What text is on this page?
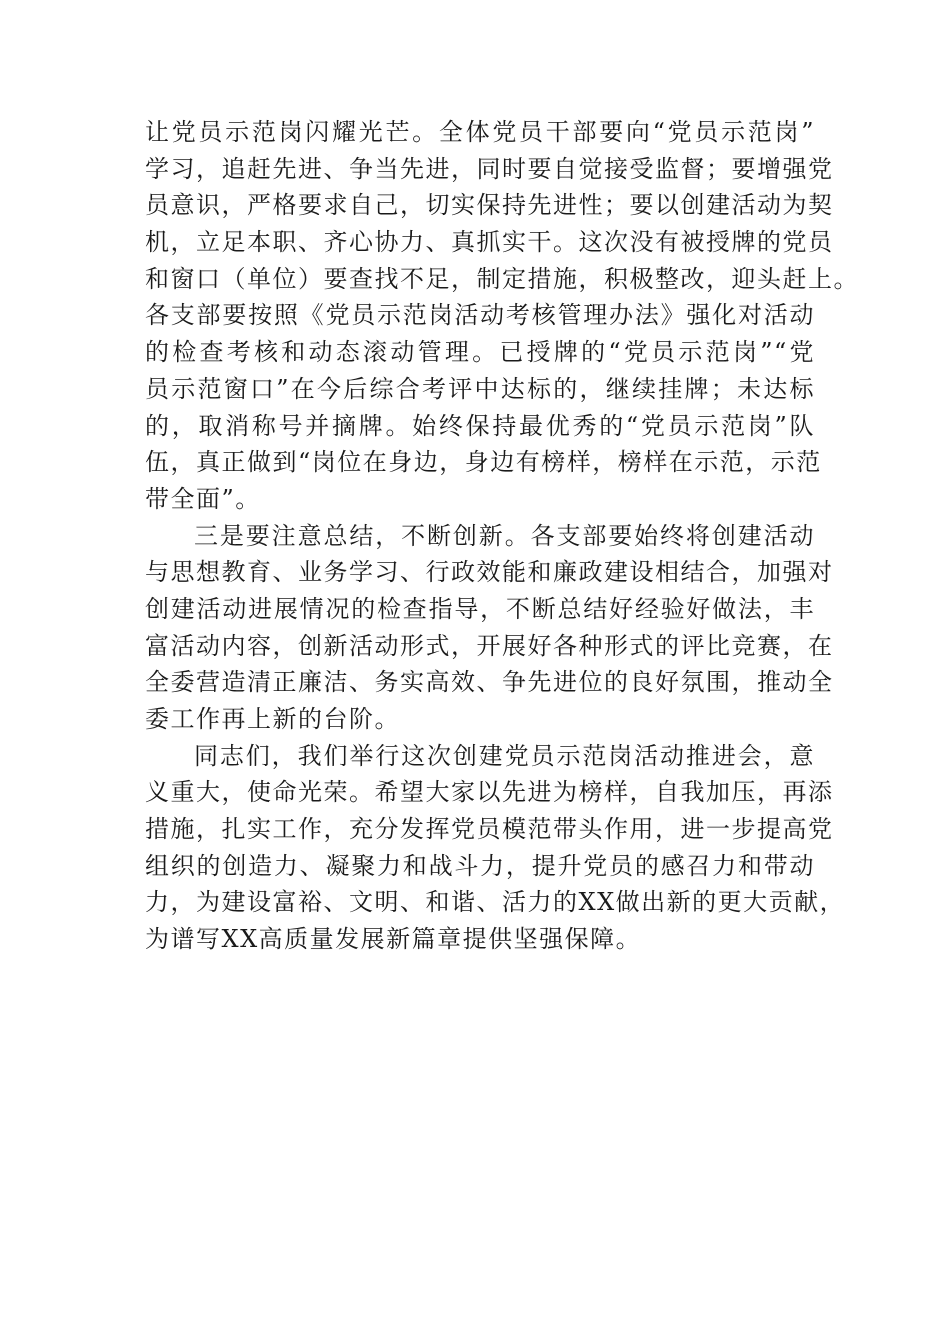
让党员示范岗闪耀光芒。全体党员干部要向“党员示范岗”
学习，追赶先进、争当先进，同时要自觉接受监督；要增强党
员意识，严格要求自己，切实保持先进性；要以创建活动为契
机，立足本职、齐心协力、真抓实干。这次没有被授牌的党员
和窗口（单位）要查找不足，制定措施，积极整改，迎头赶上。
各支部要按照《党员示范岗活动考核管理办法》强化对活动
的检查考核和动态滚动管理。已授牌的“党员示范岗”“党
员示范窗口”在今后综合考评中达标的，继续挂牌；未达标
的，取消称号并摘牌。始终保持最优秀的“党员示范岗”队
伍，真正做到“岗位在身边，身边有榜样，榜样在示范，示范
带全面”。
三是要注意总结，不断创新。各支部要始终将创建活动
与思想教育、业务学习、行政效能和廉政建设相结合，加强对
创建活动进展情况的检查指导，不断总结好经验好做法，丰
富活动内容，创新活动形式，开展好各种形式的评比竞赛，在
全委营造清正廉洁、务实高效、争先进位的良好氛围，推动全
委工作再上新的台阶。
同志们，我们举行这次创建党员示范岗活动推进会，意
义重大，使命光荣。希望大家以先进为榜样，自我加压，再添
措施，扎实工作，充分发挥党员模范带头作用，进一步提高党
组织的创造力、凝聚力和战斗力，提升党员的感召力和带动
力，为建设富裕、文明、和谐、活力的XX做出新的更大贡献，
为谱写XX高质量发展新篇章提供坚强保障。
